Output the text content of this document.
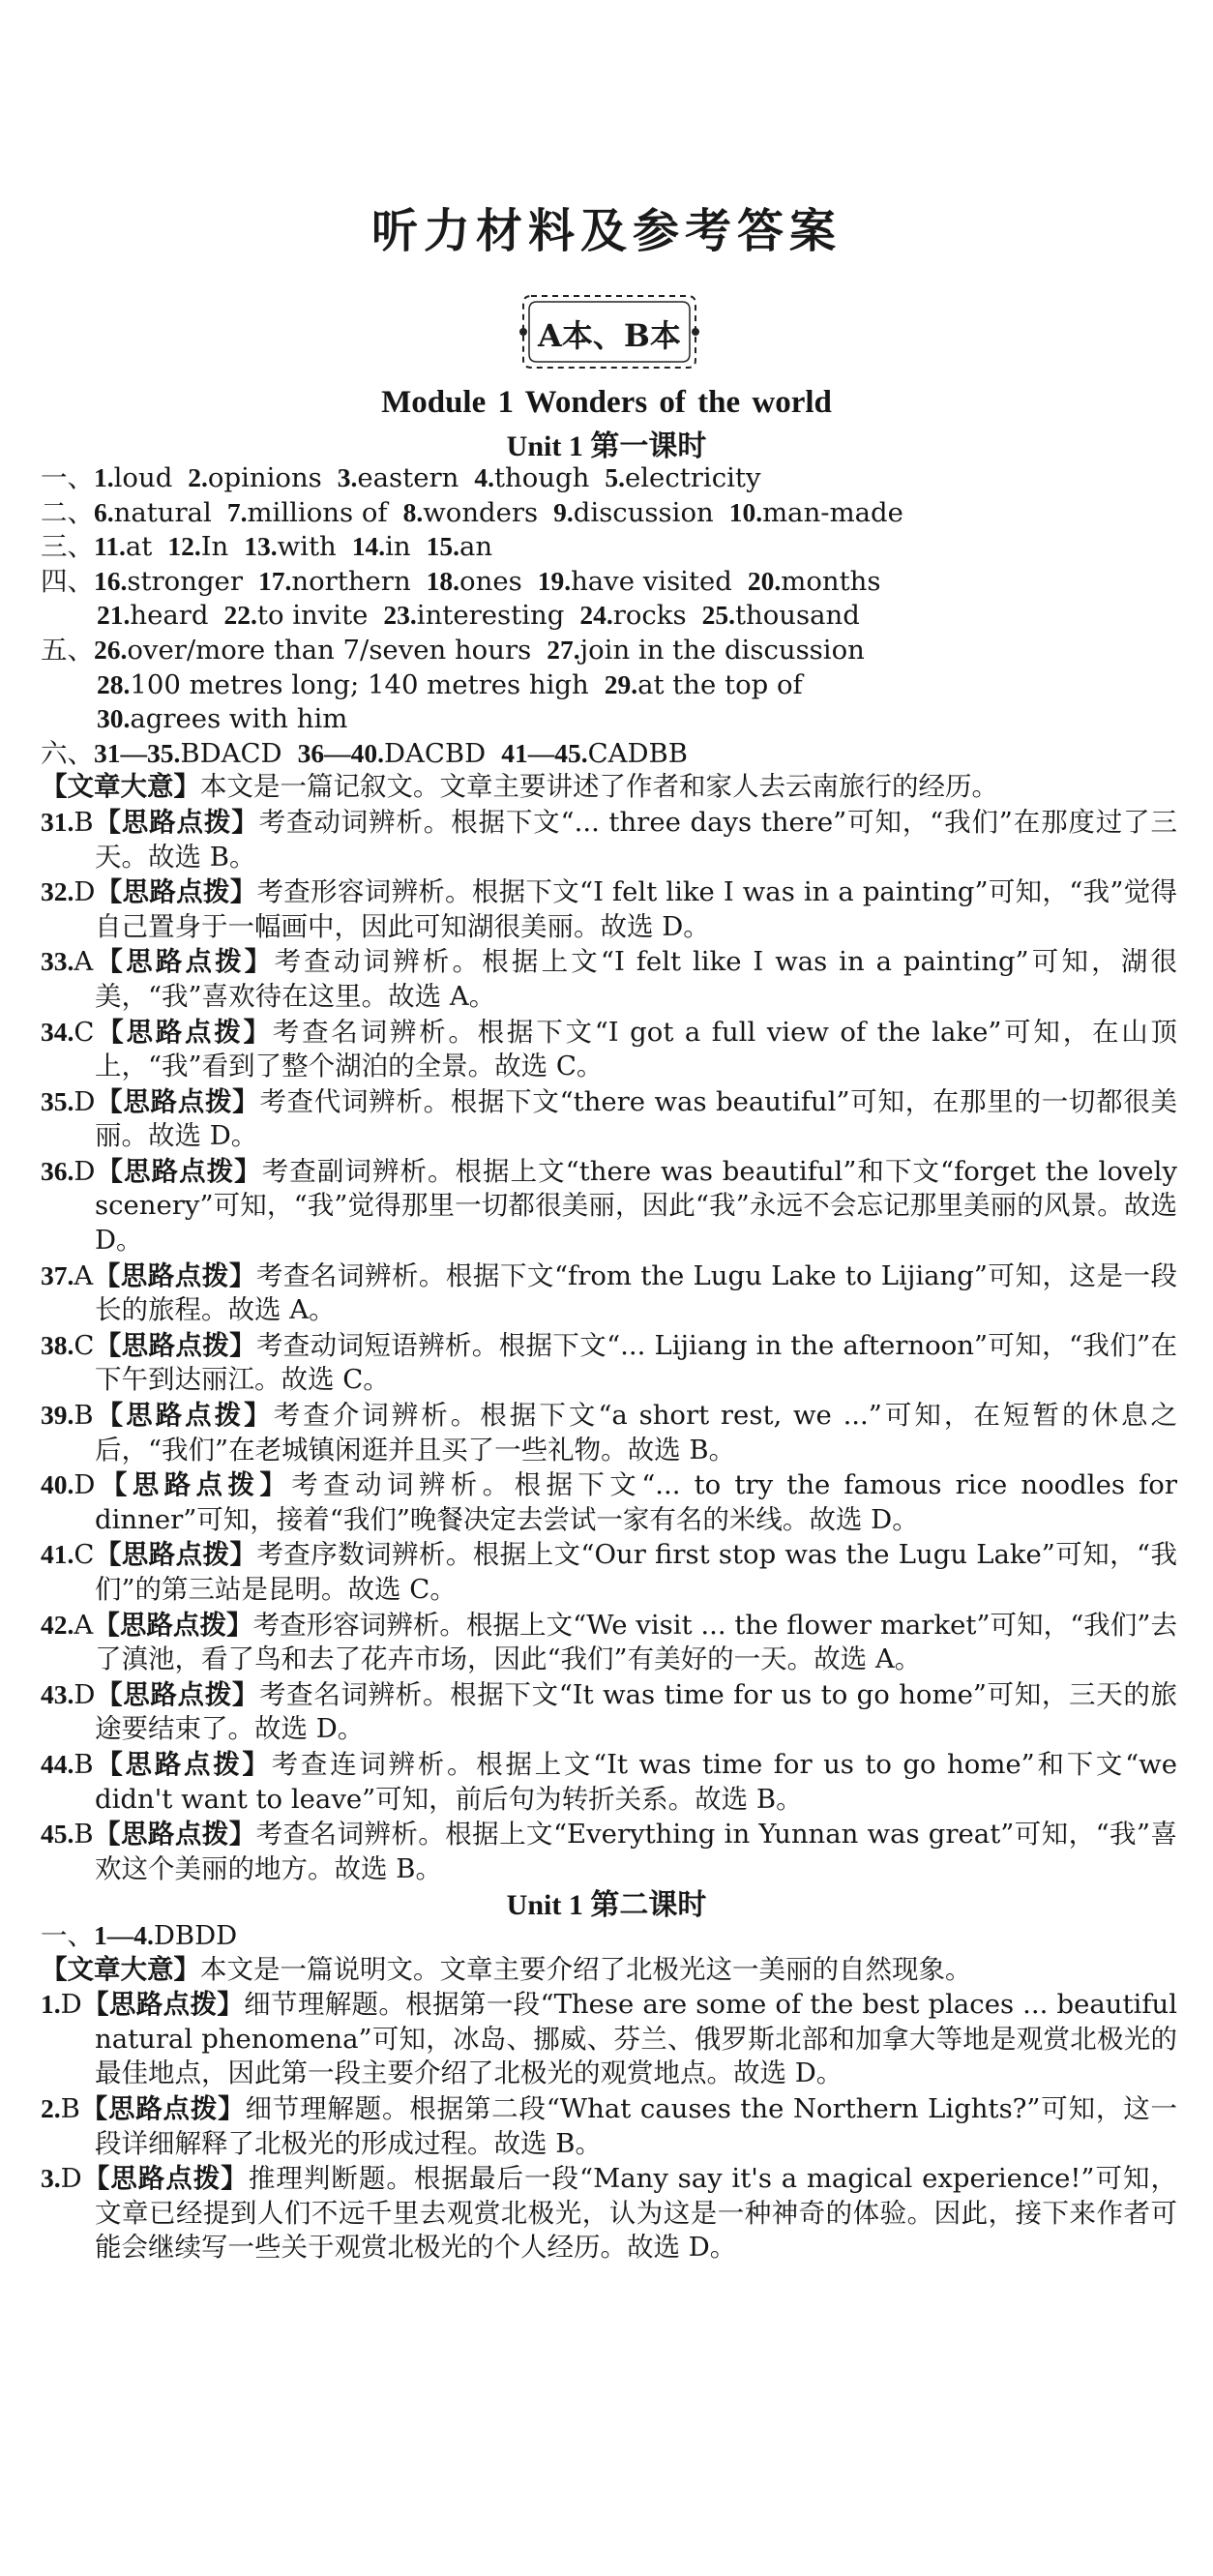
听力材料及参考答案
A本、B本
Module 1 Wonders of the world
Unit 1 第一课时
一、1.loud 2.opinions 3.eastern 4.though 5.electricity
二、6.natural 7.millions of 8.wonders 9.discussion 10.man-made
三、11.at 12.In 13.with 14.in 15.an
四、16.stronger 17.northern 18.ones 19.have visited 20.months
21.heard 22.to invite 23.interesting 24.rocks 25.thousand
五、26.over/more than 7/seven hours 27.join in the discussion
28.100 metres long; 140 metres high 29.at the top of
30.agrees with him
六、31—35.BDACD 36—40.DACBD 41—45.CADBB
【文章大意】本文是一篇记叙文。文章主要讲述了作者和家人去云南旅行的经历。
31.B【思路点拨】考查动词辨析。根据下文“... three days there”可知，“我们”在那度过了三天。故选 B。
32.D【思路点拨】考查形容词辨析。根据下文“I felt like I was in a painting”可知，“我”觉得自己置身于一幅画中，因此可知湖很美丽。故选 D。
33.A【思路点拨】考查动词辨析。根据上文“I felt like I was in a painting”可知，湖很美，“我”喜欢待在这里。故选 A。
34.C【思路点拨】考查名词辨析。根据下文“I got a full view of the lake”可知，在山顶上，“我”看到了整个湖泊的全景。故选 C。
35.D【思路点拨】考查代词辨析。根据下文“there was beautiful”可知，在那里的一切都很美丽。故选 D。
36.D【思路点拨】考查副词辨析。根据上文“there was beautiful”和下文“forget the lovely scenery”可知，“我”觉得那里一切都很美丽，因此“我”永远不会忘记那里美丽的风景。故选 D。
37.A【思路点拨】考查名词辨析。根据下文“from the Lugu Lake to Lijiang”可知，这是一段长的旅程。故选 A。
38.C【思路点拨】考查动词短语辨析。根据下文“... Lijiang in the afternoon”可知，“我们”在下午到达丽江。故选 C。
39.B【思路点拨】考查介词辨析。根据下文“a short rest, we ...”可知，在短暂的休息之后，“我们”在老城镇闲逛并且买了一些礼物。故选 B。
40.D【思路点拨】考查动词辨析。根据下文“... to try the famous rice noodles for dinner”可知，接着“我们”晚餐决定去尝试一家有名的米线。故选 D。
41.C【思路点拨】考查序数词辨析。根据上文“Our first stop was the Lugu Lake”可知，“我们”的第三站是昆明。故选 C。
42.A【思路点拨】考查形容词辨析。根据上文“We visit ... the flower market”可知，“我们”去了滇池，看了鸟和去了花卉市场，因此“我们”有美好的一天。故选 A。
43.D【思路点拨】考查名词辨析。根据下文“It was time for us to go home”可知，三天的旅途要结束了。故选 D。
44.B【思路点拨】考查连词辨析。根据上文“It was time for us to go home”和下文“we didn't want to leave”可知，前后句为转折关系。故选 B。
45.B【思路点拨】考查名词辨析。根据上文“Everything in Yunnan was great”可知，“我”喜欢这个美丽的地方。故选 B。
Unit 1 第二课时
一、1—4.DBDD
【文章大意】本文是一篇说明文。文章主要介绍了北极光这一美丽的自然现象。
1.D【思路点拨】细节理解题。根据第一段“These are some of the best places ... beautiful natural phenomena”可知，冰岛、挪威、芬兰、俄罗斯北部和加拿大等地是观赏北极光的最佳地点，因此第一段主要介绍了北极光的观赏地点。故选 D。
2.B【思路点拨】细节理解题。根据第二段“What causes the Northern Lights?”可知，这一段详细解释了北极光的形成过程。故选 B。
3.D【思路点拨】推理判断题。根据最后一段“Many say it's a magical experience!”可知，文章已经提到人们不远千里去观赏北极光，认为这是一种神奇的体验。因此，接下来作者可能会继续写一些关于观赏北极光的个人经历。故选 D。
